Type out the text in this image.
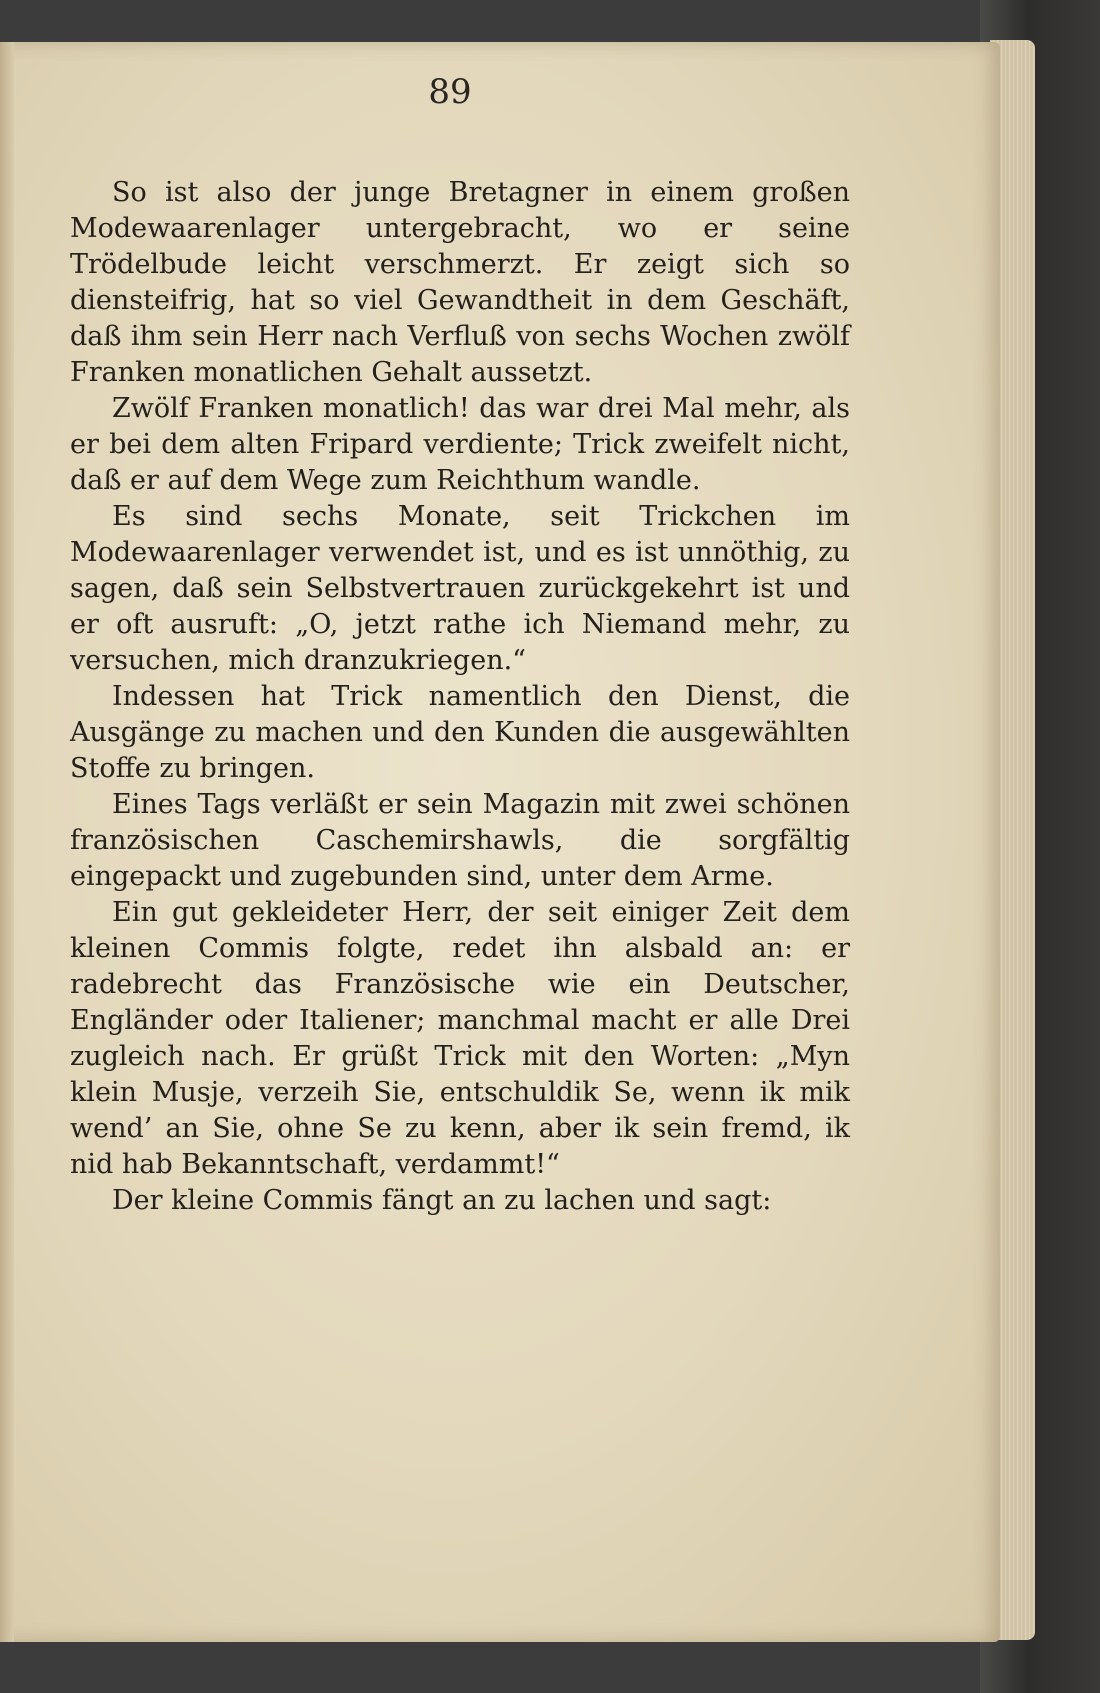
89

So ist also der junge Bretagner in einem großen Modewaarenlager untergebracht, wo er seine Trödelbude leicht verschmerzt. Er zeigt sich so diensteifrig, hat so viel Gewandtheit in dem Geschäft, daß ihm sein Herr nach Verfluß von sechs Wochen zwölf Franken monatlichen Gehalt aussetzt.

Zwölf Franken monatlich! das war drei Mal mehr, als er bei dem alten Fripard verdiente; Trick zweifelt nicht, daß er auf dem Wege zum Reichthum wandle.

Es sind sechs Monate, seit Trickchen im Modewaarenlager verwendet ist, und es ist unnöthig, zu sagen, daß sein Selbstvertrauen zurückgekehrt ist und er oft ausruft: „O, jetzt rathe ich Niemand mehr, zu versuchen, mich dranzukriegen.“

Indessen hat Trick namentlich den Dienst, die Ausgänge zu machen und den Kunden die ausgewählten Stoffe zu bringen.

Eines Tags verläßt er sein Magazin mit zwei schönen französischen Caschemirshawls, die sorgfältig eingepackt und zugebunden sind, unter dem Arme.

Ein gut gekleideter Herr, der seit einiger Zeit dem kleinen Commis folgte, redet ihn alsbald an: er radebrecht das Französische wie ein Deutscher, Engländer oder Italiener; manchmal macht er alle Drei zugleich nach. Er grüßt Trick mit den Worten: „Myn klein Musje, verzeih Sie, entschuldik Se, wenn ik mik wend’ an Sie, ohne Se zu kenn, aber ik sein fremd, ik nid hab Bekanntschaft, verdammt!“

Der kleine Commis fängt an zu lachen und sagt:
